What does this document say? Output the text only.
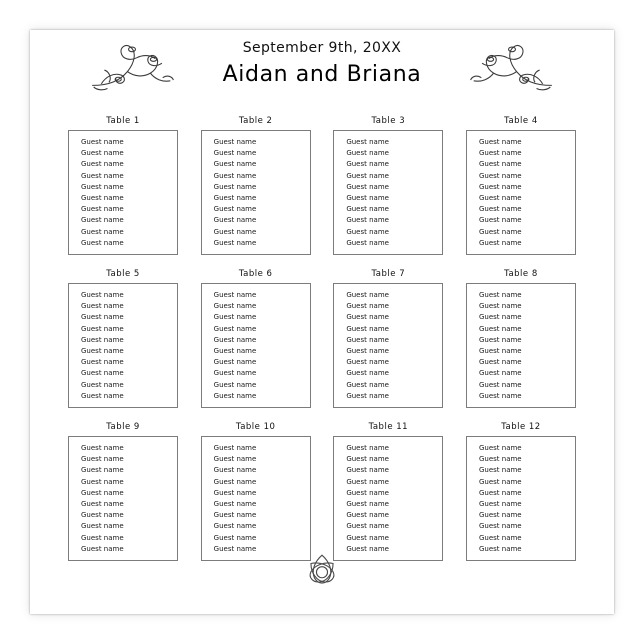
September 9th, 20XX

Aidan and Briana

Table 1
Guest name
Guest name
Guest name
Guest name
Guest name
Guest name
Guest name
Guest name
Guest name
Guest name
Table 2
Guest name
Guest name
Guest name
Guest name
Guest name
Guest name
Guest name
Guest name
Guest name
Guest name
Table 3
Guest name
Guest name
Guest name
Guest name
Guest name
Guest name
Guest name
Guest name
Guest name
Guest name
Table 4
Guest name
Guest name
Guest name
Guest name
Guest name
Guest name
Guest name
Guest name
Guest name
Guest name
Table 5
Guest name
Guest name
Guest name
Guest name
Guest name
Guest name
Guest name
Guest name
Guest name
Guest name
Table 6
Guest name
Guest name
Guest name
Guest name
Guest name
Guest name
Guest name
Guest name
Guest name
Guest name
Table 7
Guest name
Guest name
Guest name
Guest name
Guest name
Guest name
Guest name
Guest name
Guest name
Guest name
Table 8
Guest name
Guest name
Guest name
Guest name
Guest name
Guest name
Guest name
Guest name
Guest name
Guest name
Table 9
Guest name
Guest name
Guest name
Guest name
Guest name
Guest name
Guest name
Guest name
Guest name
Guest name
Table 10
Guest name
Guest name
Guest name
Guest name
Guest name
Guest name
Guest name
Guest name
Guest name
Guest name
Table 11
Guest name
Guest name
Guest name
Guest name
Guest name
Guest name
Guest name
Guest name
Guest name
Guest name
Table 12
Guest name
Guest name
Guest name
Guest name
Guest name
Guest name
Guest name
Guest name
Guest name
Guest name
